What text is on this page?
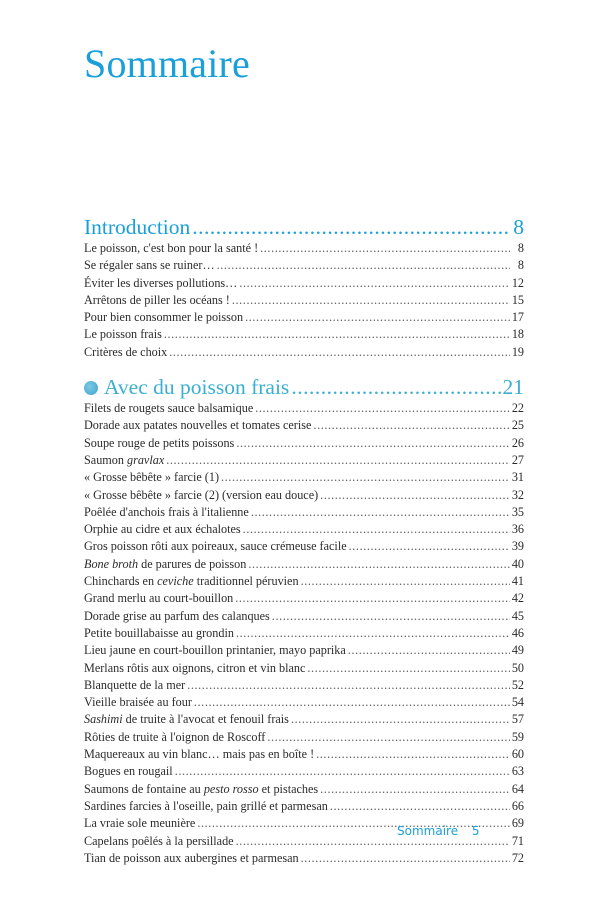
Sommaire
Introduction .....	8
Le poisson, c'est bon pour la santé ! .....	8
Se régaler sans se ruiner… .....	8
Éviter les diverses pollutions… .....	12
Arrêtons de piller les océans ! .....	15
Pour bien consommer le poisson .....	17
Le poisson frais .....	18
Critères de choix .....	19
Avec du poisson frais .....	21
Filets de rougets sauce balsamique .....	22
Dorade aux patates nouvelles et tomates cerise .....	25
Soupe rouge de petits poissons .....	26
Saumon gravlax .....	27
« Grosse bêbête » farcie (1) .....	31
« Grosse bêbête » farcie (2) (version eau douce) .....	32
Poêlée d'anchois frais à l'italienne .....	35
Orphie au cidre et aux échalotes .....	36
Gros poisson rôti aux poireaux, sauce crémeuse facile .....	39
Bone broth de parures de poisson .....	40
Chinchards en ceviche traditionnel péruvien .....	41
Grand merlu au court-bouillon .....	42
Dorade grise au parfum des calanques .....	45
Petite bouillabaisse au grondin .....	46
Lieu jaune en court-bouillon printanier, mayo paprika .....	49
Merlans rôtis aux oignons, citron et vin blanc .....	50
Blanquette de la mer .....	52
Vieille braisée au four .....	54
Sashimi de truite à l'avocat et fenouil frais .....	57
Rôties de truite à l'oignon de Roscoff .....	59
Maquereaux au vin blanc… mais pas en boîte ! .....	60
Bogues en rougail .....	63
Saumons de fontaine au pesto rosso et pistaches .....	64
Sardines farcies à l'oseille, pain grillé et parmesan .....	66
La vraie sole meunière .....	69
Capelans poêlés à la persillade .....	71
Tian de poisson aux aubergines et parmesan .....	72
Sommaire 5
